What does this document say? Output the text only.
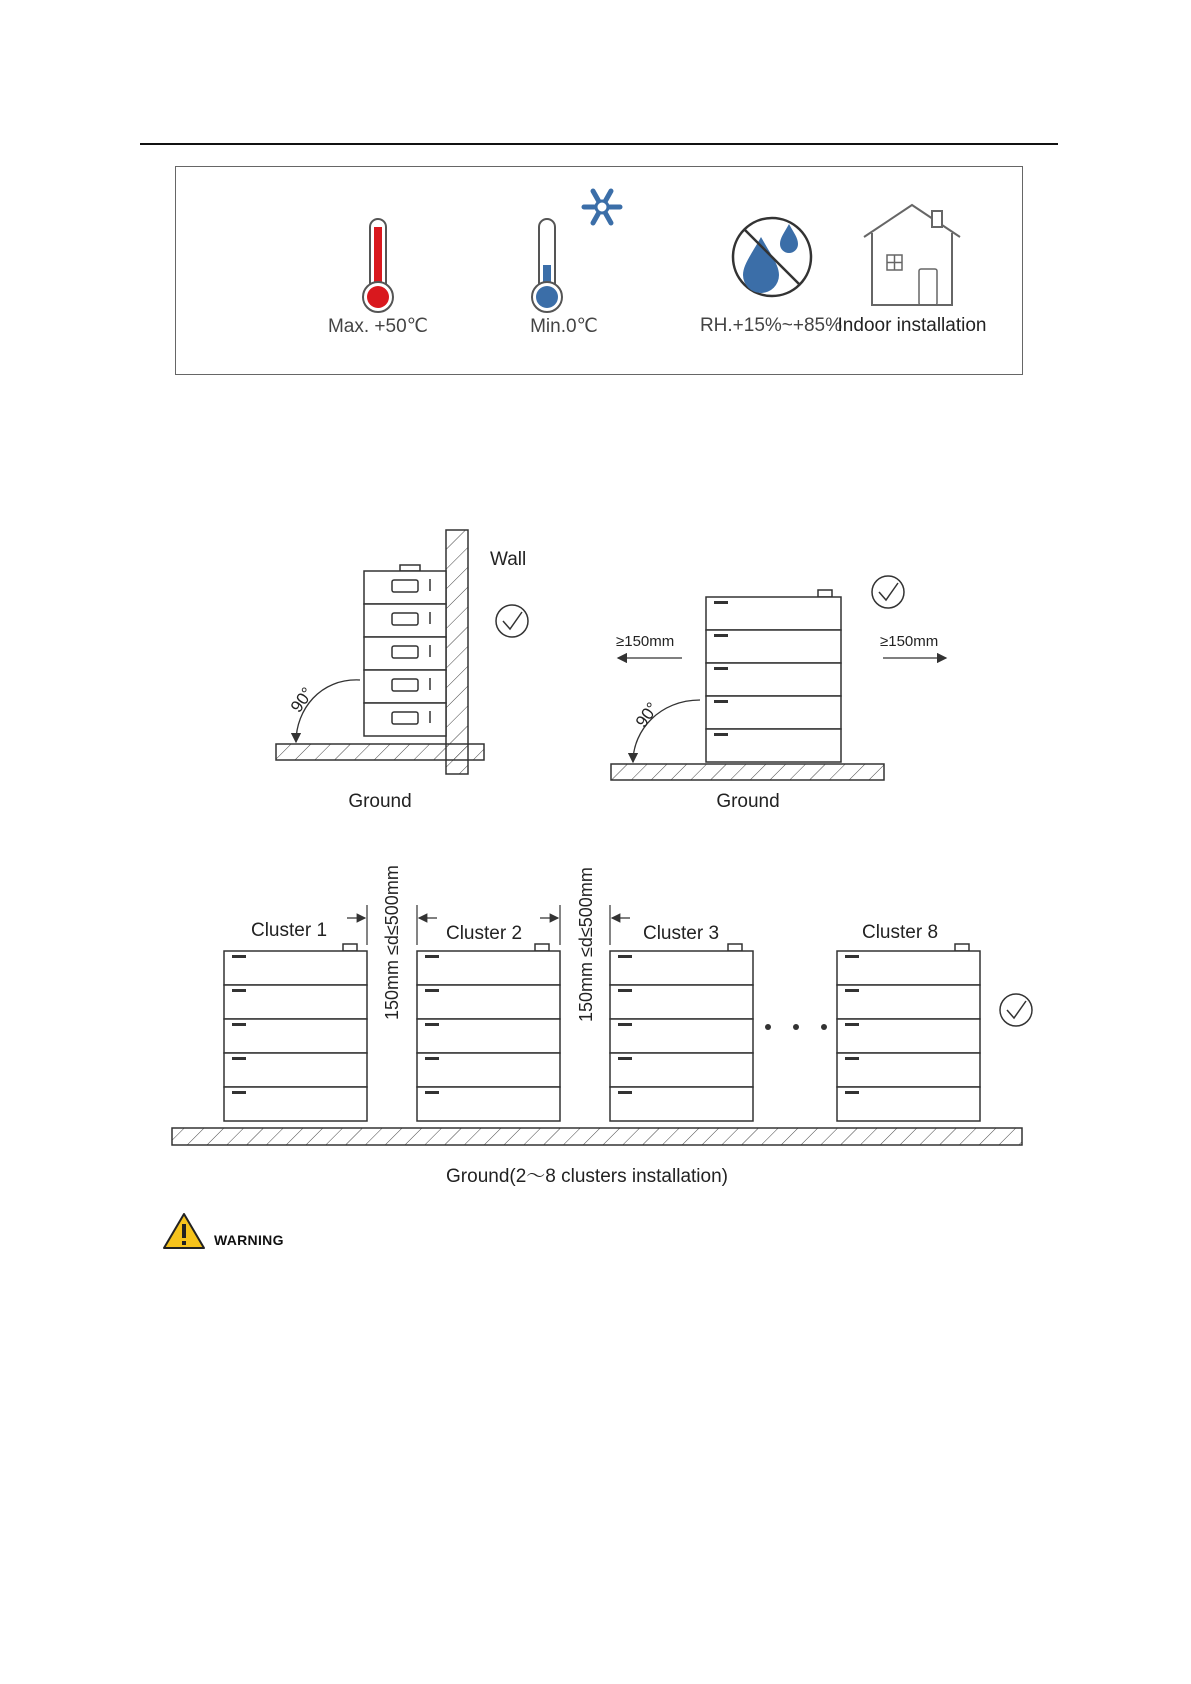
Max. +50℃	Min.0℃	RH.+15%~+85%
Indoor installation
Wall
90°
Ground
≥150mm	≥150mm
90°
Ground
Cluster 1	Cluster 2	Cluster 3	Cluster 8
150mm ≤d≤500mm	150mm ≤d≤500mm
Ground(2～8 clusters installation)
WARNING
